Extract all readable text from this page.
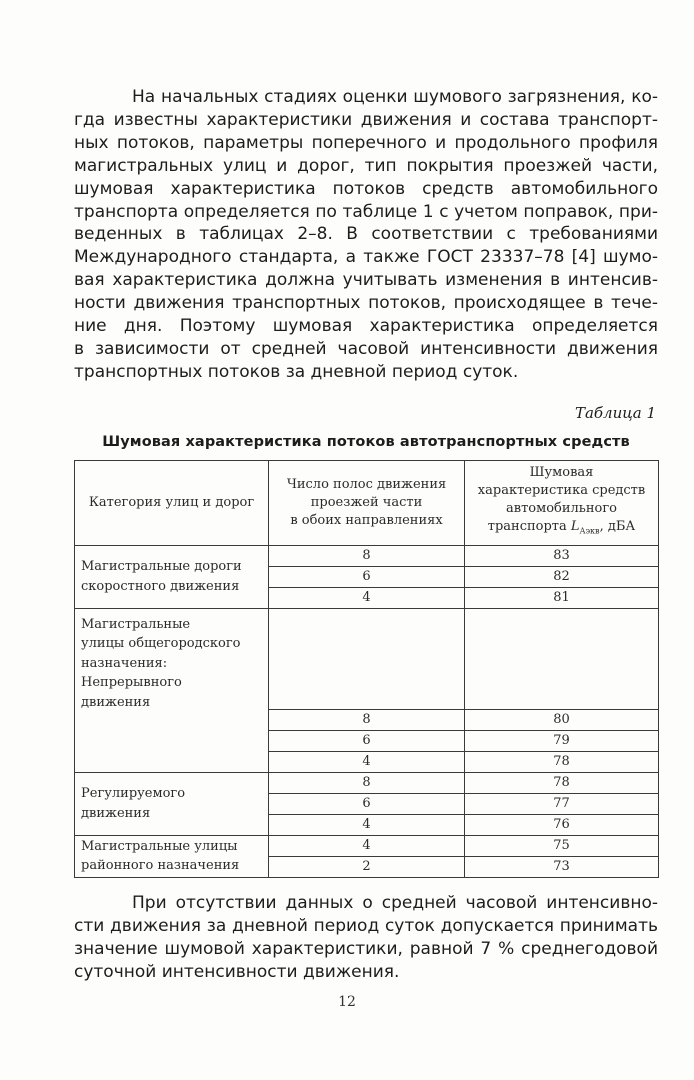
На начальных стадиях оценки шумового загрязнения, ко-
гда известны характеристики движения и состава транспорт-
ных потоков, параметры поперечного и продольного профиля
магистральных улиц и дорог, тип покрытия проезжей части,
шумовая характеристика потоков средств автомобильного
транспорта определяется по таблице 1 с учетом поправок, при-
веденных в таблицах 2–8. В соответствии с требованиями
Международного стандарта, а также ГОСТ 23337–78 [4] шумо-
вая характеристика должна учитывать изменения в интенсив-
ности движения транспортных потоков, происходящее в тече-
ние дня. Поэтому шумовая характеристика определяется
в зависимости от средней часовой интенсивности движения
транспортных потоков за дневной период суток.

Таблица 1
Шумовая характеристика потоков автотранспортных средств
Категория улиц и дорог	Число полос движения
проезжей части
в обоих направлениях	Шумовая
характеристика средств
автомобильного
транспорта $L_{Аэкв}$, дБА

Магистральные дороги
скоростного движения	8	83
	6	82
	4	81

Магистральные
улицы общегородского
назначения:
Непрерывного
движения		

	8	80
	6	79
	4	78

Регулируемого
движения	8	78
	6	77
	4	76

Магистральные улицы
районного назначения	4	75
	2	73

При отсутствии данных о средней часовой интенсивно-
сти движения за дневной период суток допускается принимать
значение шумовой характеристики, равной 7 % среднегодовой
суточной интенсивности движения.

12
